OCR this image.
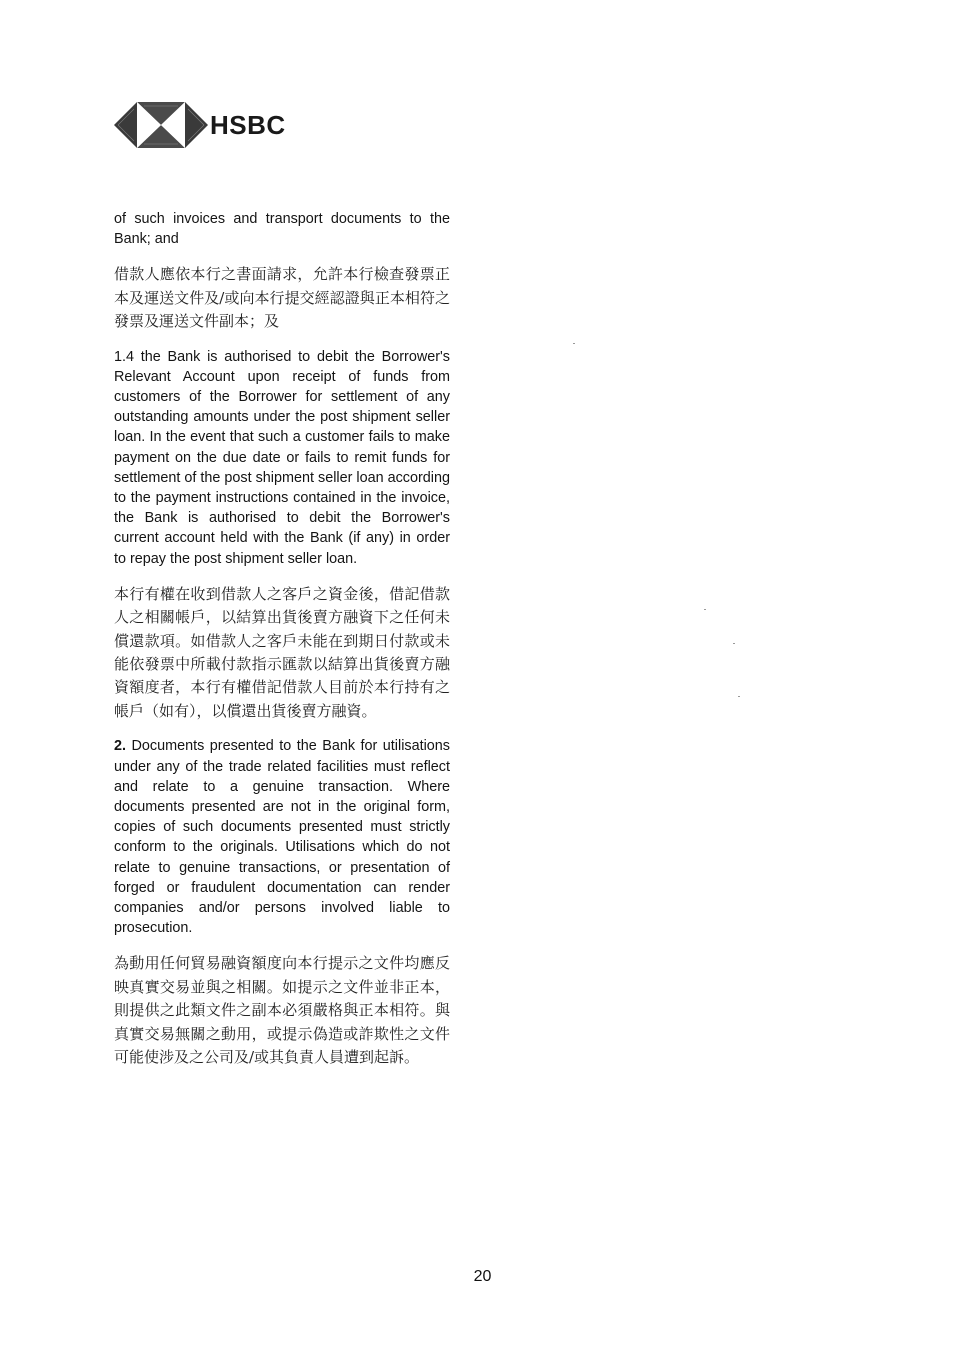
HSBC

of such invoices and transport documents to the Bank; and

借款人應依本行之書面請求，允許本行檢查發票正本及運送文件及/或向本行提交經認證與正本相符之發票及運送文件副本；及

1.4 the Bank is authorised to debit the Borrower's Relevant Account upon receipt of funds from customers of the Borrower for settlement of any outstanding amounts under the post shipment seller loan. In the event that such a customer fails to make payment on the due date or fails to remit funds for settlement of the post shipment seller loan according to the payment instructions contained in the invoice, the Bank is authorised to debit the Borrower's current account held with the Bank (if any) in order to repay the post shipment seller loan.

本行有權在收到借款人之客戶之資金後，借記借款人之相關帳戶，以結算出貨後賣方融資下之任何未償還款項。如借款人之客戶未能在到期日付款或未能依發票中所載付款指示匯款以結算出貨後賣方融資額度者，本行有權借記借款人目前於本行持有之帳戶（如有），以償還出貨後賣方融資。

2. Documents presented to the Bank for utilisations under any of the trade related facilities must reflect and relate to a genuine transaction. Where documents presented are not in the original form, copies of such documents presented must strictly conform to the originals. Utilisations which do not relate to genuine transactions, or presentation of forged or fraudulent documentation can render companies and/or persons involved liable to prosecution.

為動用任何貿易融資額度向本行提示之文件均應反映真實交易並與之相關。如提示之文件並非正本，則提供之此類文件之副本必須嚴格與正本相符。與真實交易無關之動用，或提示偽造或詐欺性之文件可能使涉及之公司及/或其負責人員遭到起訴。

20
